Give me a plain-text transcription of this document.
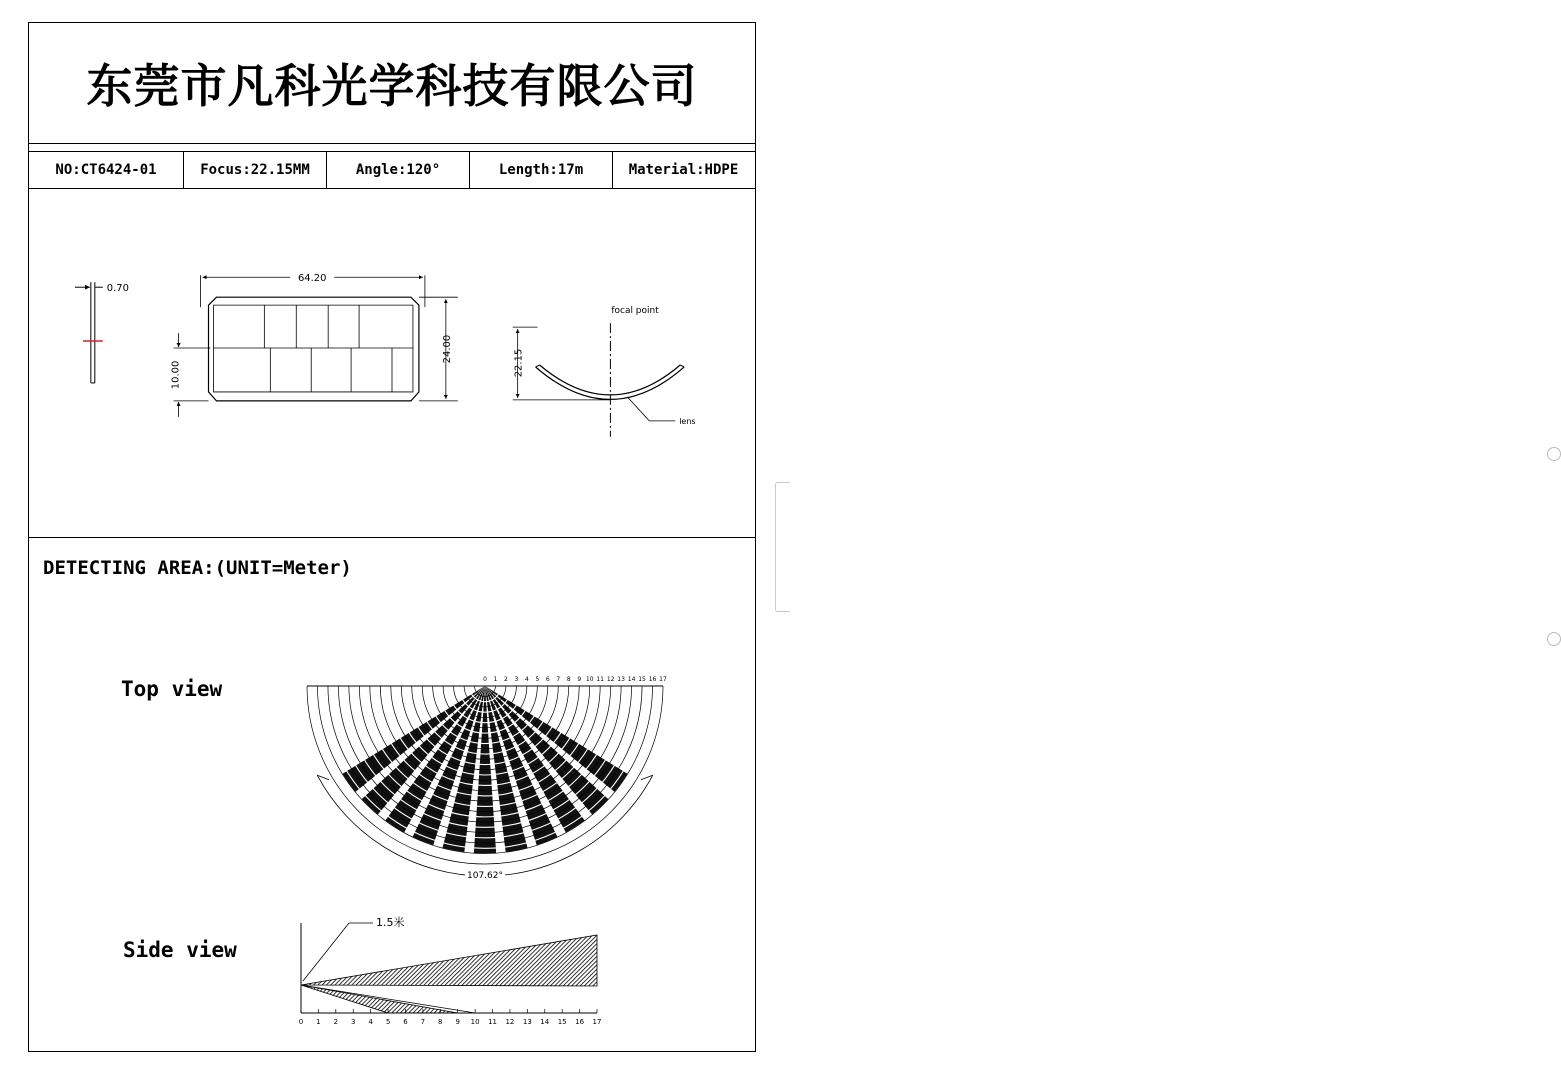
东莞市凡科光学科技有限公司
NO:CT6424-01	Focus:22.15MM	Angle:120°	Length:17m	Material:HDPE
0.70
64.20
24.00
10.00	22.15
focal point
lens
DETECTING AREA:(UNIT=Meter)
Top view
Side view
0 1 2 3 4 5 6 7 8 9 10 11 12 13 14 15 16 17
107.62°
0 1 2 3 4 5 6 7 8 9 10 11 12 13 14 15 16 17
1.5米
